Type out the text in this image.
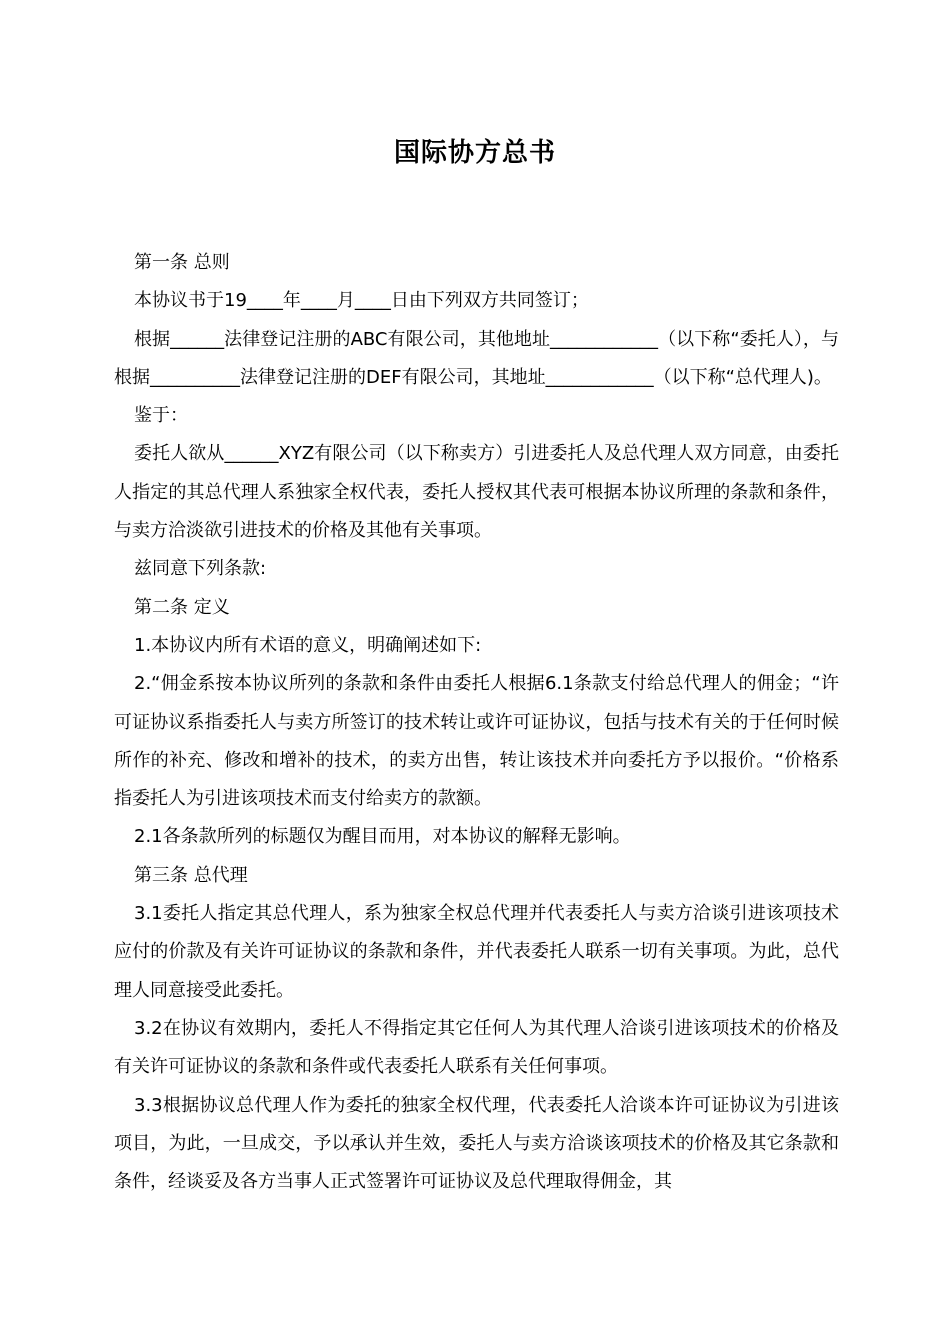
国际协方总书

第一条 总则

本协议书于19____年____月____日由下列双方共同签订；

根据______法律登记注册的ABC有限公司，其他地址____________（以下称“委托人），与根据__________法律登记注册的DEF有限公司，其地址____________（以下称“总代理人)。

鉴于：

委托人欲从______XYZ有限公司（以下称卖方）引进委托人及总代理人双方同意，由委托人指定的其总代理人系独家全权代表，委托人授权其代表可根据本协议所理的条款和条件，与卖方洽淡欲引进技术的价格及其他有关事项。

兹同意下列条款:

第二条 定义

1.本协议内所有术语的意义，明确阐述如下:

2.“佣金系按本协议所列的条款和条件由委托人根据6.1条款支付给总代理人的佣金；“许可证协议系指委托人与卖方所签订的技术转让或许可证协议，包括与技术有关的于任何时候所作的补充、修改和增补的技术，的卖方出售，转让该技术并向委托方予以报价。“价格系指委托人为引进该项技术而支付给卖方的款额。

2.1各条款所列的标题仅为醒目而用，对本协议的解释无影响。

第三条 总代理

3.1委托人指定其总代理人，系为独家全权总代理并代表委托人与卖方洽谈引进该项技术应付的价款及有关许可证协议的条款和条件，并代表委托人联系一切有关事项。为此，总代理人同意接受此委托。

3.2在协议有效期内，委托人不得指定其它任何人为其代理人洽谈引进该项技术的价格及有关许可证协议的条款和条件或代表委托人联系有关任何事项。

3.3根据协议总代理人作为委托的独家全权代理，代表委托人洽谈本许可证协议为引进该项目，为此，一旦成交，予以承认并生效，委托人与卖方洽谈该项技术的价格及其它条款和条件，经谈妥及各方当事人正式签署许可证协议及总代理取得佣金，其
